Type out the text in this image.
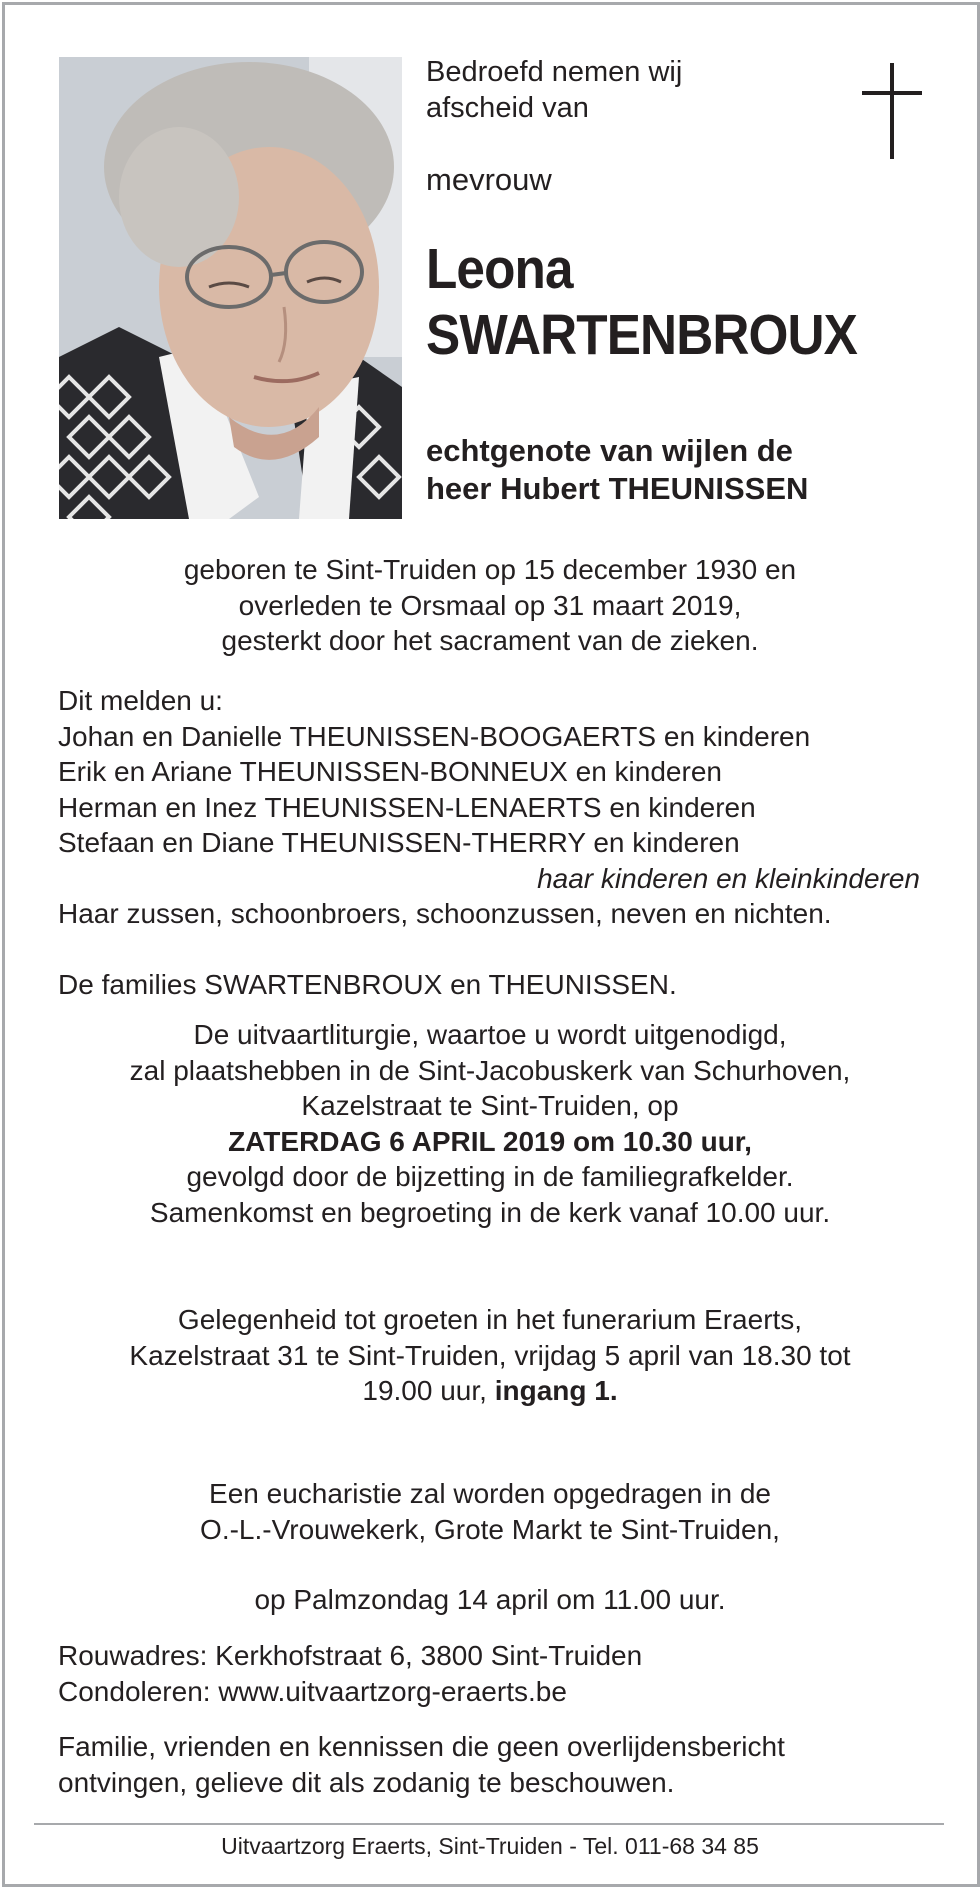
Bedroefd nemen wij
afscheid van
mevrouw
Leona
SWARTENBROUX
echtgenote van wijlen de
heer Hubert THEUNISSEN
geboren te Sint-Truiden op 15 december 1930 en
overleden te Orsmaal op 31 maart 2019,
gesterkt door het sacrament van de zieken.
Dit melden u:
Johan en Danielle THEUNISSEN-BOOGAERTS en kinderen
Erik en Ariane THEUNISSEN-BONNEUX en kinderen
Herman en Inez THEUNISSEN-LENAERTS en kinderen
Stefaan en Diane THEUNISSEN-THERRY en kinderen
haar kinderen en kleinkinderen
Haar zussen, schoonbroers, schoonzussen, neven en nichten.
De families SWARTENBROUX en THEUNISSEN.
De uitvaartliturgie, waartoe u wordt uitgenodigd,
zal plaatshebben in de Sint-Jacobuskerk van Schurhoven,
Kazelstraat te Sint-Truiden, op
ZATERDAG 6 APRIL 2019 om 10.30 uur,
gevolgd door de bijzetting in de familiegrafkelder.
Samenkomst en begroeting in de kerk vanaf 10.00 uur.
Gelegenheid tot groeten in het funerarium Eraerts,
Kazelstraat 31 te Sint-Truiden, vrijdag 5 april van 18.30 tot
19.00 uur, ingang 1.
Een eucharistie zal worden opgedragen in de
O.-L.-Vrouwekerk, Grote Markt te Sint-Truiden,
op Palmzondag 14 april om 11.00 uur.
Rouwadres: Kerkhofstraat 6, 3800 Sint-Truiden
Condoleren: www.uitvaartzorg-eraerts.be
Familie, vrienden en kennissen die geen overlijdensbericht
ontvingen, gelieve dit als zodanig te beschouwen.
Uitvaartzorg Eraerts, Sint-Truiden - Tel. 011-68 34 85
